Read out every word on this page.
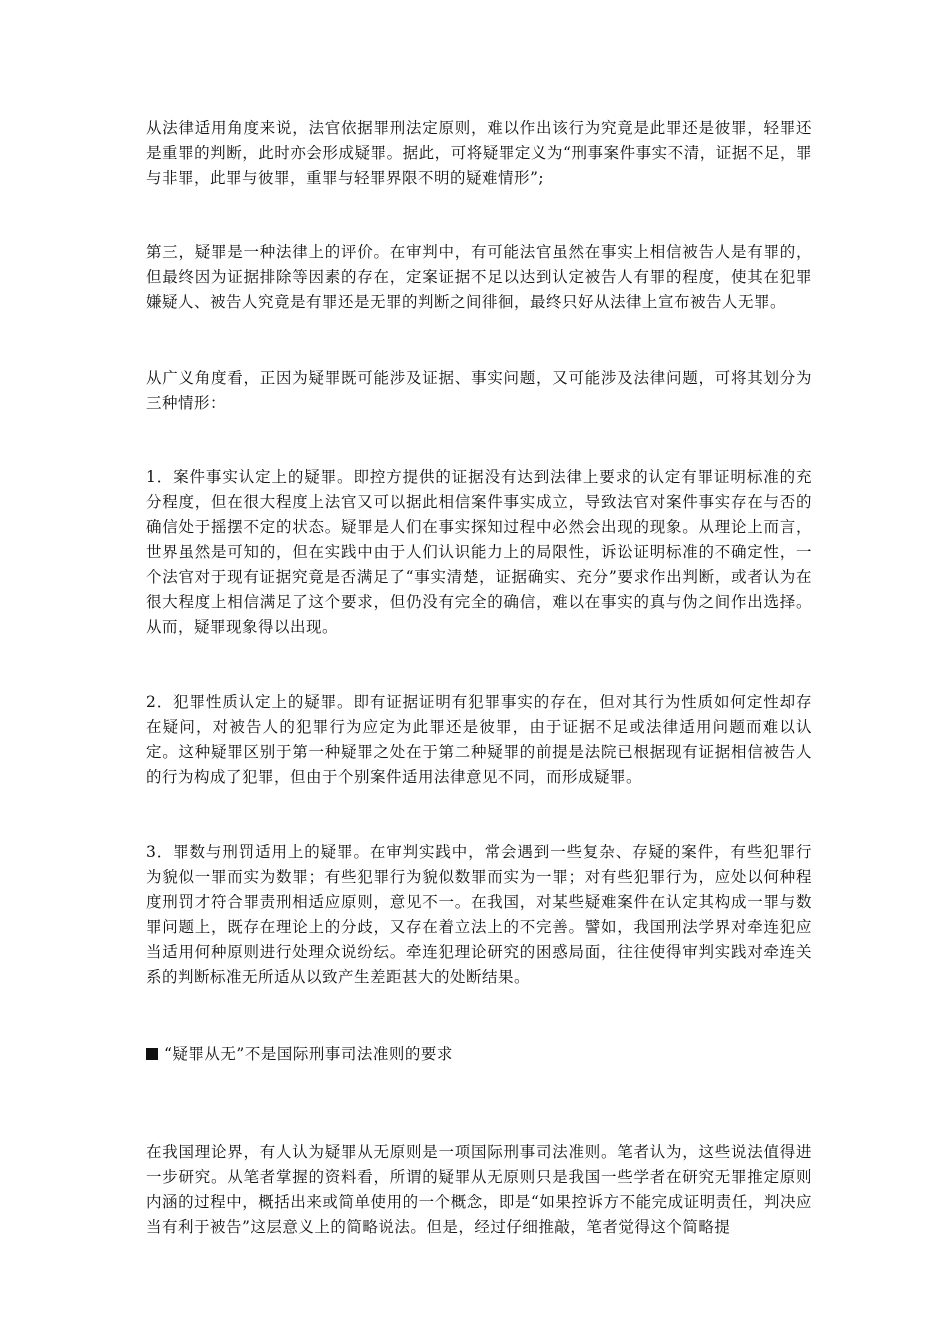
从法律适用角度来说，法官依据罪刑法定原则，难以作出该行为究竟是此罪还是彼罪，轻罪还是重罪的判断，此时亦会形成疑罪。据此，可将疑罪定义为“刑事案件事实不清，证据不足，罪与非罪，此罪与彼罪，重罪与轻罪界限不明的疑难情形”;

第三，疑罪是一种法律上的评价。在审判中，有可能法官虽然在事实上相信被告人是有罪的，但最终因为证据排除等因素的存在，定案证据不足以达到认定被告人有罪的程度，使其在犯罪嫌疑人、被告人究竟是有罪还是无罪的判断之间徘徊，最终只好从法律上宣布被告人无罪。

从广义角度看，正因为疑罪既可能涉及证据、事实问题，又可能涉及法律问题，可将其划分为三种情形：

1．案件事实认定上的疑罪。即控方提供的证据没有达到法律上要求的认定有罪证明标准的充分程度，但在很大程度上法官又可以据此相信案件事实成立，导致法官对案件事实存在与否的确信处于摇摆不定的状态。疑罪是人们在事实探知过程中必然会出现的现象。从理论上而言，世界虽然是可知的，但在实践中由于人们认识能力上的局限性，诉讼证明标准的不确定性，一个法官对于现有证据究竟是否满足了“事实清楚，证据确实、充分”要求作出判断，或者认为在很大程度上相信满足了这个要求，但仍没有完全的确信，难以在事实的真与伪之间作出选择。从而，疑罪现象得以出现。

2．犯罪性质认定上的疑罪。即有证据证明有犯罪事实的存在，但对其行为性质如何定性却存在疑问，对被告人的犯罪行为应定为此罪还是彼罪，由于证据不足或法律适用问题而难以认定。这种疑罪区别于第一种疑罪之处在于第二种疑罪的前提是法院已根据现有证据相信被告人的行为构成了犯罪，但由于个别案件适用法律意见不同，而形成疑罪。

3．罪数与刑罚适用上的疑罪。在审判实践中，常会遇到一些复杂、存疑的案件，有些犯罪行为貌似一罪而实为数罪；有些犯罪行为貌似数罪而实为一罪；对有些犯罪行为，应处以何种程度刑罚才符合罪责刑相适应原则，意见不一。在我国，对某些疑难案件在认定其构成一罪与数罪问题上，既存在理论上的分歧，又存在着立法上的不完善。譬如，我国刑法学界对牵连犯应当适用何种原则进行处理众说纷纭。牵连犯理论研究的困惑局面，往往使得审判实践对牵连关系的判断标准无所适从以致产生差距甚大的处断结果。

“疑罪从无”不是国际刑事司法准则的要求

在我国理论界，有人认为疑罪从无原则是一项国际刑事司法准则。笔者认为，这些说法值得进一步研究。从笔者掌握的资料看，所谓的疑罪从无原则只是我国一些学者在研究无罪推定原则内涵的过程中，概括出来或简单使用的一个概念，即是“如果控诉方不能完成证明责任，判决应当有利于被告”这层意义上的简略说法。但是，经过仔细推敲，笔者觉得这个简略提
